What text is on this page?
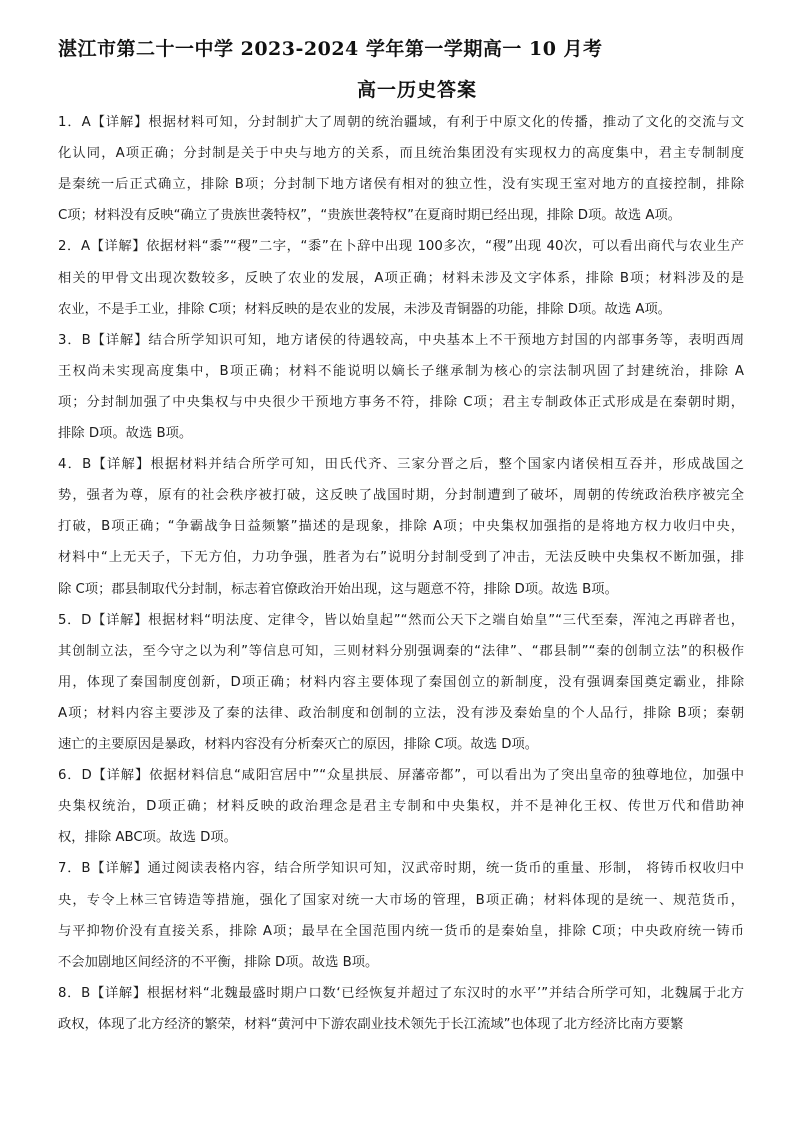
湛江市第二十一中学 2023-2024 学年第一学期高一 10 月考
高一历史答案
1．A【详解】根据材料可知，分封制扩大了周朝的统治疆域，有利于中原文化的传播，推动了文化的交流与文
化认同，A项正确；分封制是关于中央与地方的关系，而且统治集团没有实现权力的高度集中，君主专制制度
是秦统一后正式确立，排除 B项；分封制下地方诸侯有相对的独立性，没有实现王室对地方的直接控制，排除
C项；材料没有反映“确立了贵族世袭特权”，“贵族世袭特权”在夏商时期已经出现，排除 D项。故选 A项。
2．A【详解】依据材料“黍”“稷”二字，“黍”在卜辞中出现 100多次，“稷”出现 40次，可以看出商代与农业生产
相关的甲骨文出现次数较多，反映了农业的发展，A项正确；材料未涉及文字体系，排除 B项；材料涉及的是
农业，不是手工业，排除 C项；材料反映的是农业的发展，未涉及青铜器的功能，排除 D项。故选 A项。
3．B【详解】结合所学知识可知，地方诸侯的待遇较高，中央基本上不干预地方封国的内部事务等，表明西周
王权尚未实现高度集中，B项正确；材料不能说明以嫡长子继承制为核心的宗法制巩固了封建统治，排除 A
项；分封制加强了中央集权与中央很少干预地方事务不符，排除 C项；君主专制政体正式形成是在秦朝时期，
排除 D项。故选 B项。
4．B【详解】根据材料并结合所学可知，田氏代齐、三家分晋之后，整个国家内诸侯相互吞并，形成战国之
势，强者为尊，原有的社会秩序被打破，这反映了战国时期，分封制遭到了破坏，周朝的传统政治秩序被完全
打破，B项正确；“争霸战争日益频繁”描述的是现象，排除 A项；中央集权加强指的是将地方权力收归中央，
材料中“上无天子，下无方伯，力功争强，胜者为右”说明分封制受到了冲击，无法反映中央集权不断加强，排
除 C项；郡县制取代分封制，标志着官僚政治开始出现，这与题意不符，排除 D项。故选 B项。
5．D【详解】根据材料“明法度、定律令，皆以始皇起”“然而公天下之端自始皇”“三代至秦，浑沌之再辟者也，
其创制立法，至今守之以为利”等信息可知，三则材料分别强调秦的“法律”、“郡县制”“秦的创制立法”的积极作
用，体现了秦国制度创新，D项正确；材料内容主要体现了秦国创立的新制度，没有强调秦国奠定霸业，排除
A项；材料内容主要涉及了秦的法律、政治制度和创制的立法，没有涉及秦始皇的个人品行，排除 B项；秦朝
速亡的主要原因是暴政，材料内容没有分析秦灭亡的原因，排除 C项。故选 D项。
6．D【详解】依据材料信息“咸阳宫居中”“众星拱辰、屏藩帝都”，可以看出为了突出皇帝的独尊地位，加强中
央集权统治，D项正确；材料反映的政治理念是君主专制和中央集权，并不是神化王权、传世万代和借助神
权，排除 ABC项。故选 D项。
7．B【详解】通过阅读表格内容，结合所学知识可知，汉武帝时期，统一货币的重量、形制， 将铸币权收归中
央，专令上林三官铸造等措施，强化了国家对统一大市场的管理，B项正确；材料体现的是统一、规范货币，
与平抑物价没有直接关系，排除 A项；最早在全国范围内统一货币的是秦始皇，排除 C项；中央政府统一铸币
不会加剧地区间经济的不平衡，排除 D项。故选 B项。
8．B【详解】根据材料“北魏最盛时期户口数‘已经恢复并超过了东汉时的水平’”并结合所学可知，北魏属于北方
政权，体现了北方经济的繁荣，材料“黄河中下游农副业技术领先于长江流域”也体现了北方经济比南方要繁
